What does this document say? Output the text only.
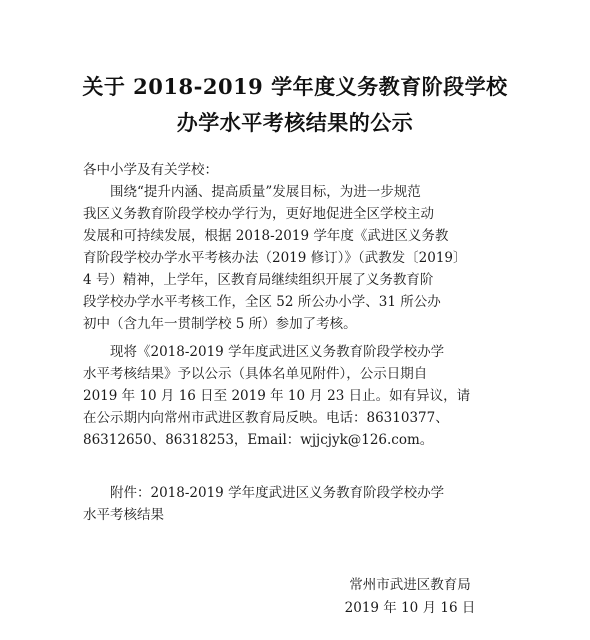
关于 2018-2019 学年度义务教育阶段学校
办学水平考核结果的公示

各中小学及有关学校：

围绕“提升内涵、提高质量”发展目标，为进一步规范
我区义务教育阶段学校办学行为，更好地促进全区学校主动
发展和可持续发展，根据 2018-2019 学年度《武进区义务教
育阶段学校办学水平考核办法（2019 修订）》（武教发〔2019〕
4 号）精神，上学年，区教育局继续组织开展了义务教育阶
段学校办学水平考核工作，全区 52 所公办小学、31 所公办
初中（含九年一贯制学校 5 所）参加了考核。
现将《2018-2019 学年度武进区义务教育阶段学校办学
水平考核结果》予以公示（具体名单见附件），公示日期自
2019 年 10 月 16 日至 2019 年 10 月 23 日止。如有异议，请
在公示期内向常州市武进区教育局反映。电话：86310377、
86312650、86318253，Email：wjjcjyk@126.com。
附件：2018-2019 学年度武进区义务教育阶段学校办学
水平考核结果

常州市武进区教育局

2019 年 10 月 16 日
